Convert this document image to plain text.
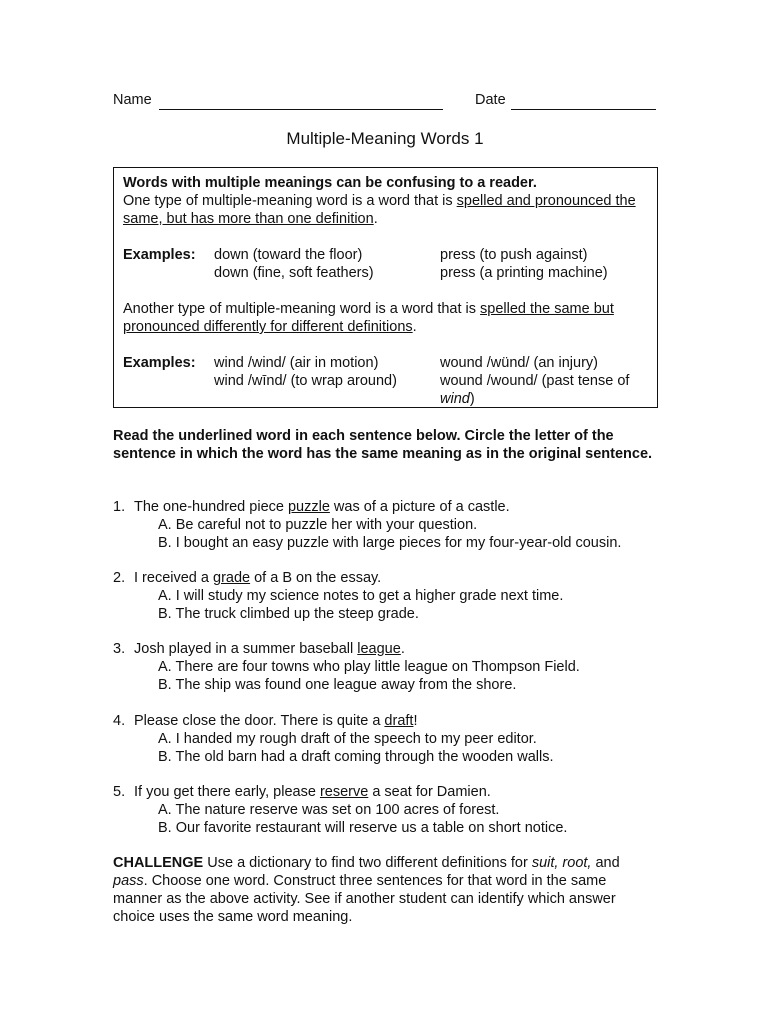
Name	Date
Multiple-Meaning Words 1

Words with multiple meanings can be confusing to a reader.
One type of multiple-meaning word is a word that is spelled and pronounced the same, but has more than one definition.

Examples: down (toward the floor)
down (fine, soft feathers)
press (to push against)
press (a printing machine)

Another type of multiple-meaning word is a word that is spelled the same but pronounced differently for different definitions.

Examples: wind /wind/ (air in motion)
wind /wīnd/ (to wrap around)
wound /wünd/ (an injury)
wound /wound/ (past tense of wind)
Read the underlined word in each sentence below. Circle the letter of the sentence in which the word has the same meaning as in the original sentence.
1. The one-hundred piece puzzle was of a picture of a castle.
A. Be careful not to puzzle her with your question.
B. I bought an easy puzzle with large pieces for my four-year-old cousin.
2. I received a grade of a B on the essay.
A. I will study my science notes to get a higher grade next time.
B. The truck climbed up the steep grade.
3. Josh played in a summer baseball league.
A. There are four towns who play little league on Thompson Field.
B. The ship was found one league away from the shore.
4. Please close the door. There is quite a draft!
A. I handed my rough draft of the speech to my peer editor.
B. The old barn had a draft coming through the wooden walls.
5. If you get there early, please reserve a seat for Damien.
A. The nature reserve was set on 100 acres of forest.
B. Our favorite restaurant will reserve us a table on short notice.
CHALLENGE Use a dictionary to find two different definitions for suit, root, and pass. Choose one word. Construct three sentences for that word in the same manner as the above activity. See if another student can identify which answer choice uses the same word meaning.
